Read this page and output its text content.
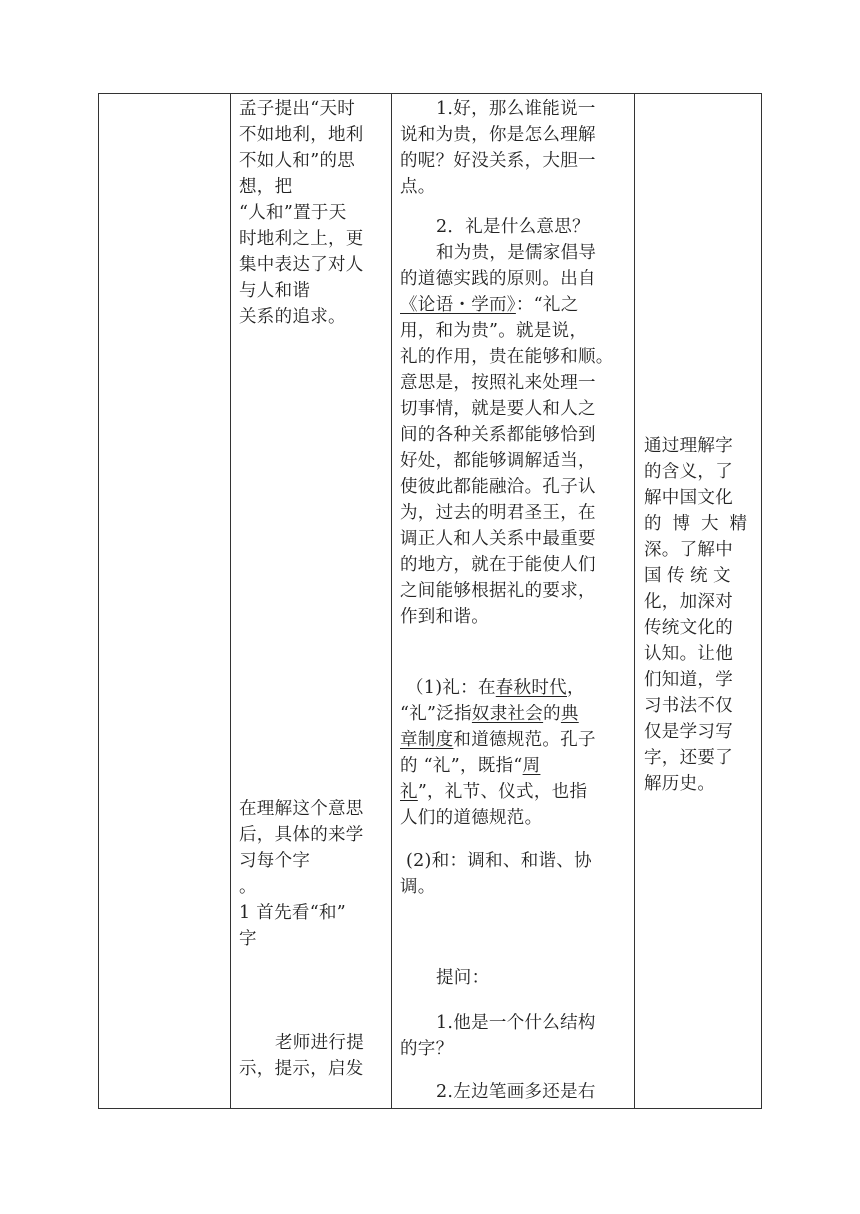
孟子提出“天时
不如地利，地利
不如人和”的思
想，把
“人和”置于天
时地利之上，更
集中表达了对人
与人和谐
关系的追求。
在理解这个意思
后，具体的来学
习每个字
。
1 首先看“和”
字
老师进行提
示，提示，启发
1.好，那么谁能说一
说和为贵，你是怎么理解
的呢？好没关系，大胆一
点。
2．礼是什么意思？
和为贵，是儒家倡导
的道德实践的原则。出自
《论语・学而》：“礼之
用，和为贵”。就是说，
礼的作用，贵在能够和顺。
意思是，按照礼来处理一
切事情，就是要人和人之
间的各种关系都能够恰到
好处，都能够调解适当，
使彼此都能融洽。孔子认
为，过去的明君圣王，在
调正人和人关系中最重要
的地方，就在于能使人们
之间能够根据礼的要求，
作到和谐。
（1)礼：在春秋时代，
“礼”泛指奴隶社会的典
章制度和道德规范。孔子
的 “礼”，既指“周
礼”，礼节、仪式，也指
人们的道德规范。
(2)和：调和、和谐、协
调。
提问：
1.他是一个什么结构
的字？
2.左边笔画多还是右
通过理解字
的含义，了
解中国文化
的博大精
深。了解中
国传统文
化，加深对
传统文化的
认知。让他
们知道，学
习书法不仅
仅是学习写
字，还要了
解历史。
